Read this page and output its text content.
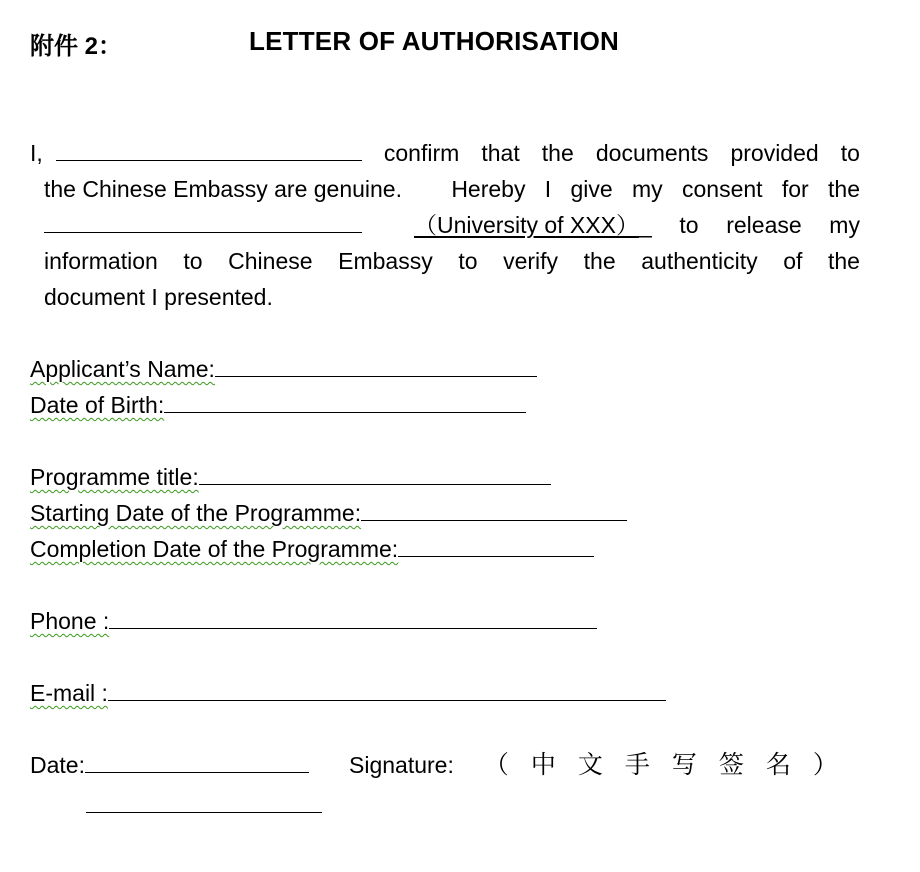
附件 2：	LETTER OF AUTHORISATION
I,	confirm that the documents provided to
the Chinese Embassy are genuine. Hereby I give my consent for the
（University of XXX） _ to release my
information to Chinese Embassy to verify the authenticity of the
document I presented.
Applicant’s Name:
Date of Birth:
Programme title:
Starting Date of the Programme:
Completion Date of the Programme:
Phone :
E-mail :
Date:	Signature: （中文手写签名）
